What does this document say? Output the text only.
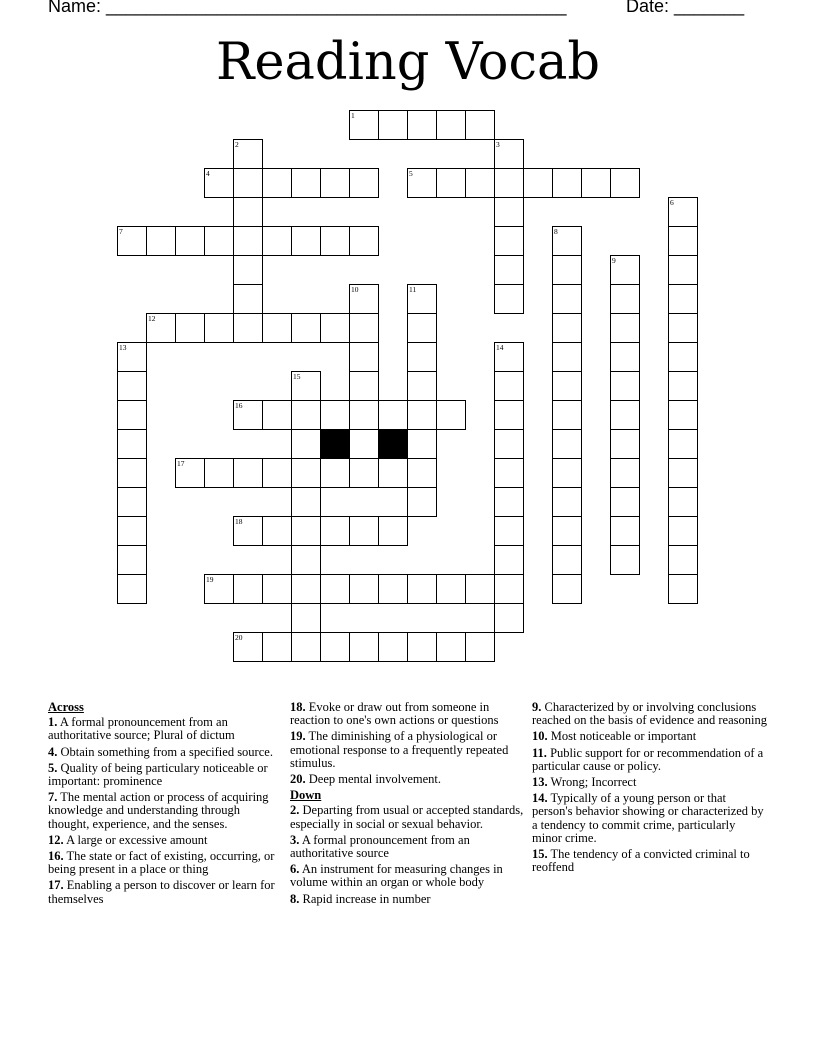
Name: ______________________________________________	Date: _______
Reading Vocab
1
4	5
7
12
16
17
18
19
20
2	3
6
8
9
10	11
13	14
15
Across
1. A formal pronouncement from an authoritative source; Plural of dictum
4. Obtain something from a specified source.
5. Quality of being particulary noticeable or important: prominence
7. The mental action or process of acquiring knowledge and understanding through thought, experience, and the senses.
12. A large or excessive amount
16. The state or fact of existing, occurring, or being present in a place or thing
17. Enabling a person to discover or learn for themselves
18. Evoke or draw out from someone in reaction to one's own actions or questions
19. The diminishing of a physiological or emotional response to a frequently repeated stimulus.
20. Deep mental involvement.
Down
2. Departing from usual or accepted standards, especially in social or sexual behavior.
3. A formal pronouncement from an authoritative source
6. An instrument for measuring changes in volume within an organ or whole body
8. Rapid increase in number
9. Characterized by or involving conclusions reached on the basis of evidence and reasoning
10. Most noticeable or important
11. Public support for or recommendation of a particular cause or policy.
13. Wrong; Incorrect
14. Typically of a young person or that person's behavior showing or characterized by a tendency to commit crime, particularly minor crime.
15. The tendency of a convicted criminal to reoffend
